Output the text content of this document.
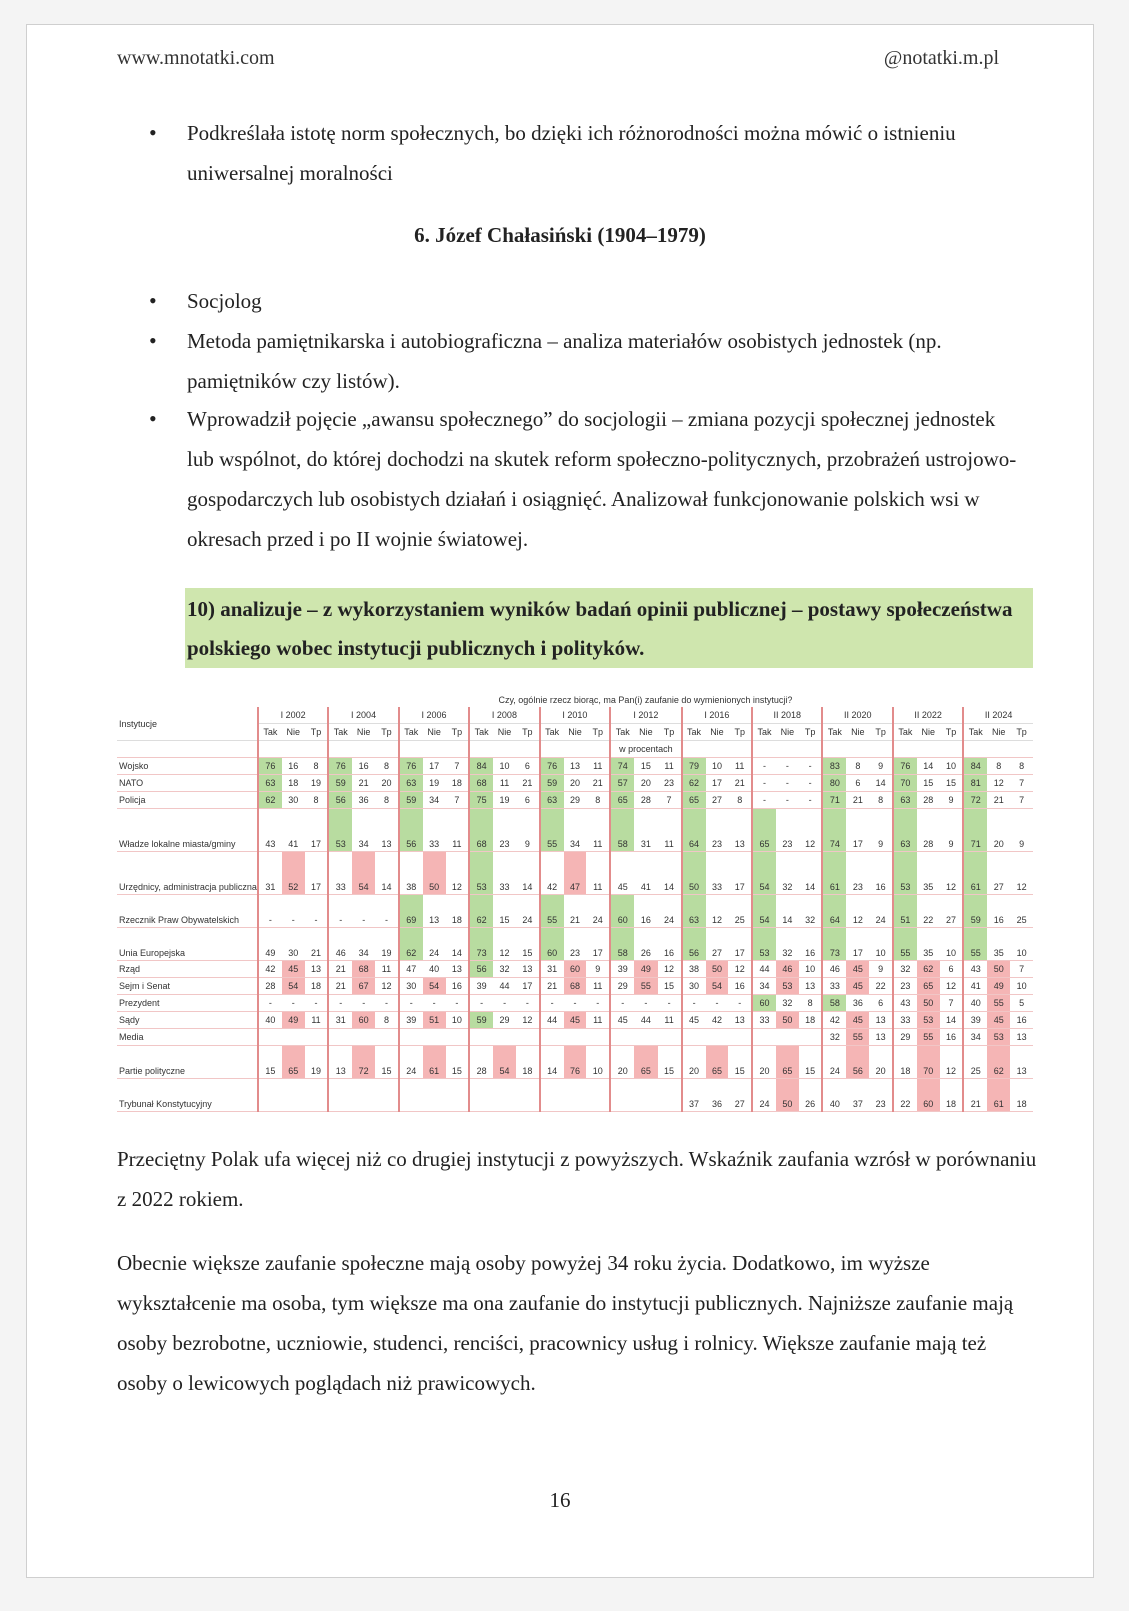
www.mnotatki.com	@notatki.m.pl
• Podkreślała istotę norm społecznych, bo dzięki ich różnorodności można mówić o istnieniu uniwersalnej moralności
6. Józef Chałasiński (1904–1979)
• Socjolog
• Metoda pamiętnikarska i autobiograficzna – analiza materiałów osobistych jednostek (np. pamiętników czy listów).
• Wprowadził pojęcie „awansu społecznego” do socjologii – zmiana pozycji społecznej jednostek lub wspólnot, do której dochodzi na skutek reform społeczno-politycznych, przobrażeń ustrojowo-gospodarczych lub osobistych działań i osiągnięć. Analizował funkcjonowanie polskich wsi w okresach przed i po II wojnie światowej.
10) analizuje – z wykorzystaniem wyników badań opinii publicznej – postawy społeczeństwa polskiego wobec instytucji publicznych i polityków.
	Czy, ogólnie rzecz biorąc, ma Pan(i) zaufanie do wymienionych instytucji?																																
Instytucje	I 2002			I 2004			I 2006			I 2008			I 2010			I 2012			I 2016			II 2018			II 2020			II 2022			II 2024		
	Tak	Nie	Tp	Tak	Nie	Tp	Tak	Nie	Tp	Tak	Nie	Tp	Tak	Nie	Tp	Tak	Nie	Tp	Tak	Nie	Tp	Tak	Nie	Tp	Tak	Nie	Tp	Tak	Nie	Tp	Tak	Nie	Tp
																w procentach																	
Wojsko	76	16	8	76	16	8	76	17	7	84	10	6	76	13	11	74	15	11	79	10	11	-	-	-	83	8	9	76	14	10	84	8	8
NATO	63	18	19	59	21	20	63	19	18	68	11	21	59	20	21	57	20	23	62	17	21	-	-	-	80	6	14	70	15	15	81	12	7
Policja	62	30	8	56	36	8	59	34	7	75	19	6	63	29	8	65	28	7	65	27	8	-	-	-	71	21	8	63	28	9	72	21	7
Władze lokalne miasta/gminy	43	41	17	53	34	13	56	33	11	68	23	9	55	34	11	58	31	11	64	23	13	65	23	12	74	17	9	63	28	9	71	20	9
Urzędnicy, administracja publiczna	31	52	17	33	54	14	38	50	12	53	33	14	42	47	11	45	41	14	50	33	17	54	32	14	61	23	16	53	35	12	61	27	12
Rzecznik Praw Obywatelskich	-	-	-	-	-	-	69	13	18	62	15	24	55	21	24	60	16	24	63	12	25	54	14	32	64	12	24	51	22	27	59	16	25
Unia Europejska	49	30	21	46	34	19	62	24	14	73	12	15	60	23	17	58	26	16	56	27	17	53	32	16	73	17	10	55	35	10	55	35	10
Rząd	42	45	13	21	68	11	47	40	13	56	32	13	31	60	9	39	49	12	38	50	12	44	46	10	46	45	9	32	62	6	43	50	7
Sejm i Senat	28	54	18	21	67	12	30	54	16	39	44	17	21	68	11	29	55	15	30	54	16	34	53	13	33	45	22	23	65	12	41	49	10
Prezydent	-	-	-	-	-	-	-	-	-	-	-	-	-	-	-	-	-	-	-	-	-	60	32	8	58	36	6	43	50	7	40	55	5
Sądy	40	49	11	31	60	8	39	51	10	59	29	12	44	45	11	45	44	11	45	42	13	33	50	18	42	45	13	33	53	14	39	45	16
Media																									32	55	13	29	55	16	34	53	13
Partie polityczne	15	65	19	13	72	15	24	61	15	28	54	18	14	76	10	20	65	15	20	65	15	20	65	15	24	56	20	18	70	12	25	62	13
Trybunał Konstytucyjny																			37	36	27	24	50	26	40	37	23	22	60	18	21	61	18
Przeciętny Polak ufa więcej niż co drugiej instytucji z powyższych. Wskaźnik zaufania wzrósł w porównaniu z 2022 rokiem.
Obecnie większe zaufanie społeczne mają osoby powyżej 34 roku życia. Dodatkowo, im wyższe wykształcenie ma osoba, tym większe ma ona zaufanie do instytucji publicznych. Najniższe zaufanie mają osoby bezrobotne, uczniowie, studenci, renciści, pracownicy usług i rolnicy. Większe zaufanie mają też osoby o lewicowych poglądach niż prawicowych.
16
